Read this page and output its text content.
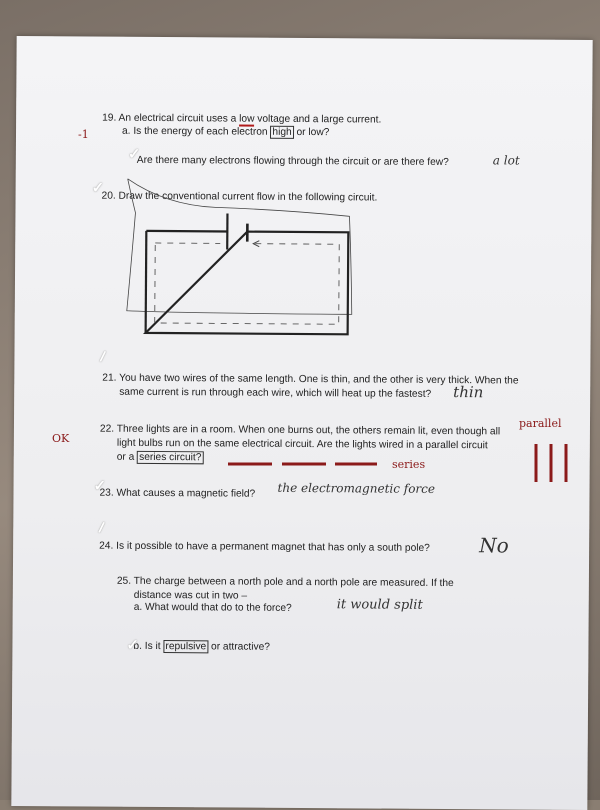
19. An electrical circuit uses a low voltage and a large current.
a. Is the energy of each electron high or low?
Are there many electrons flowing through the circuit or are there few?	a lot
20. Draw the conventional current flow in the following circuit.
21. You have two wires of the same length. One is thin, and the other is very thick. When the
same current is run through each wire, which will heat up the fastest?	thin
22. Three lights are in a room. When one burns out, the others remain lit, even though all
light bulbs run on the same electrical circuit. Are the lights wired in a parallel circuit
or a series circuit?
23. What causes a magnetic field? the electromagnetic force
24. Is it possible to have a permanent magnet that has only a south pole? No
25. The charge between a north pole and a north pole are measured. If the
distance was cut in two –
a. What would that do to the force?	it would split
b. Is it repulsive or attractive?
✓
✓
/
✓
/
✓
-1
OK
parallel
series
